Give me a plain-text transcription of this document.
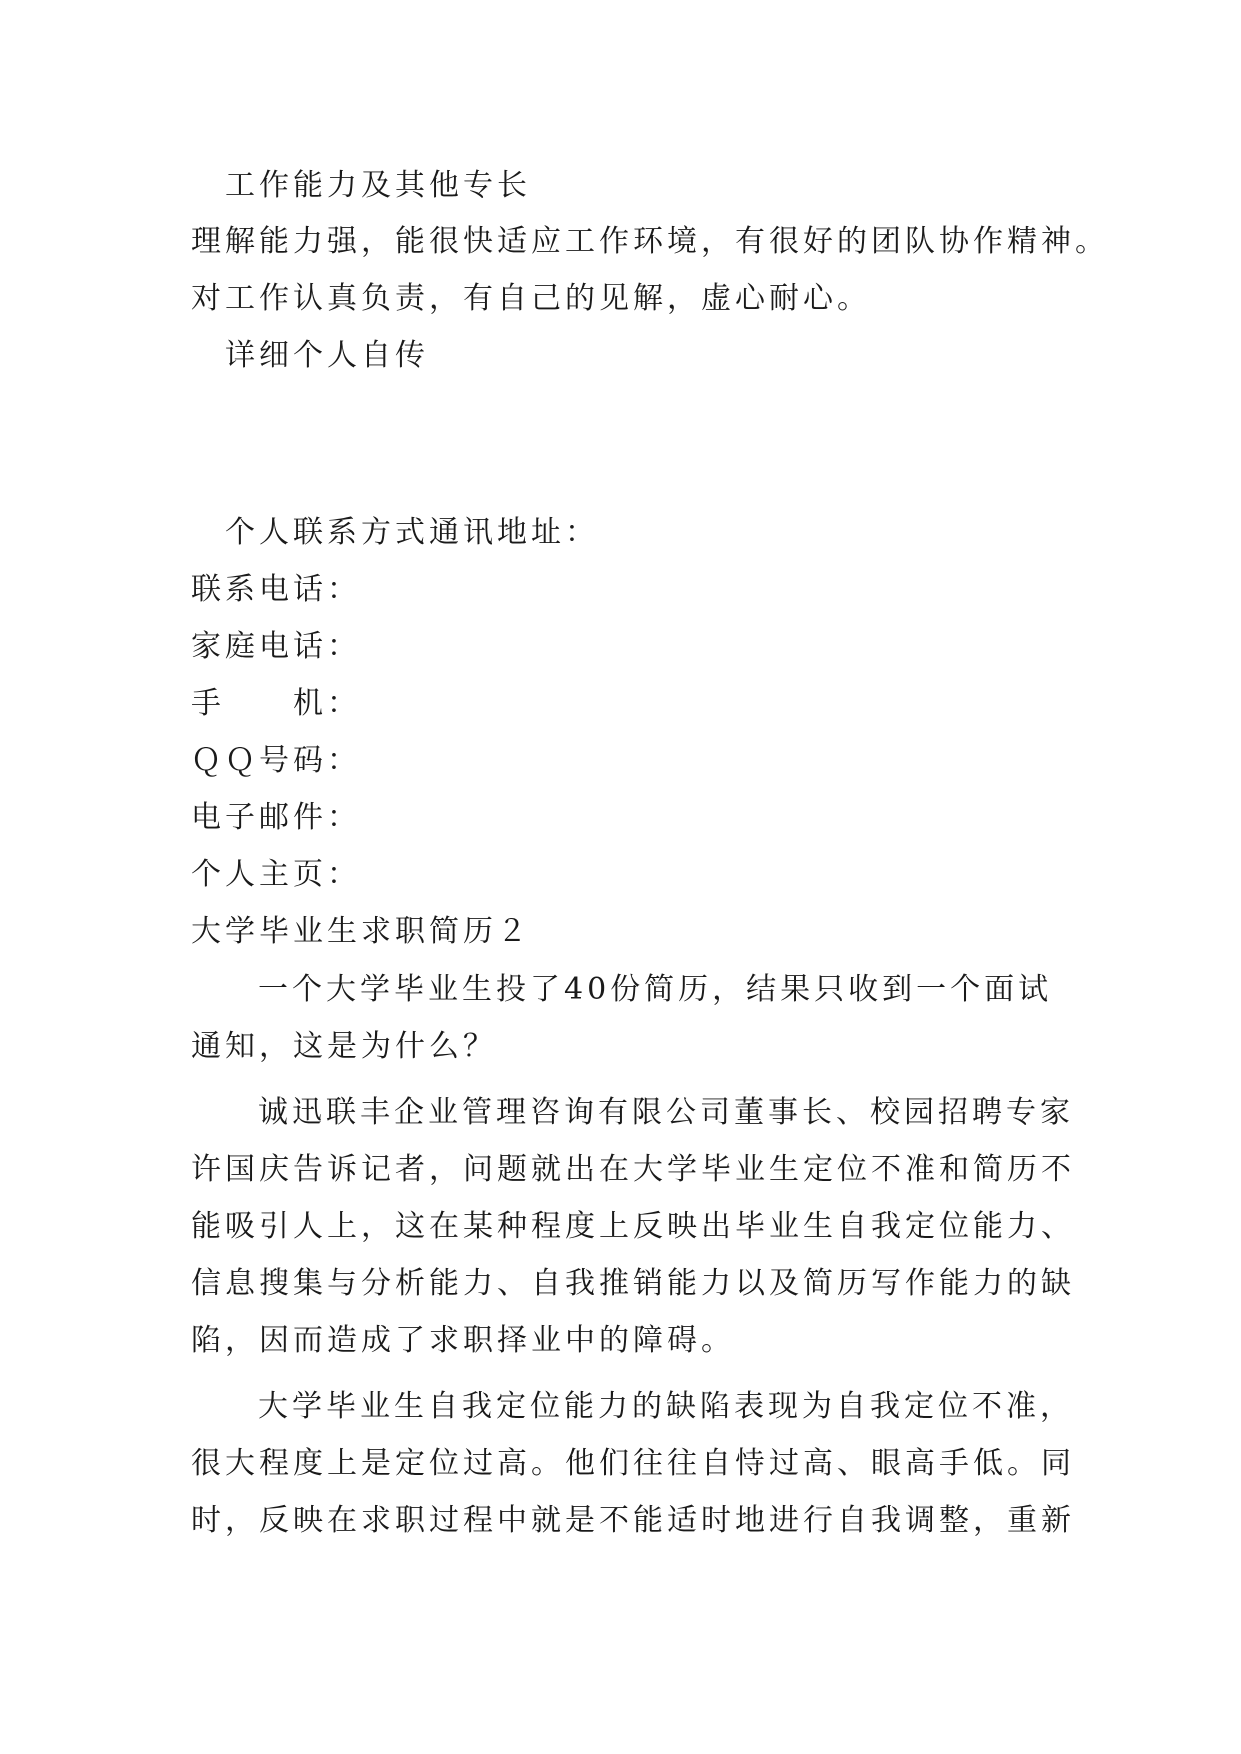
工作能力及其他专长
理解能力强，能很快适应工作环境，有很好的团队协作精神。
对工作认真负责，有自己的见解，虚心耐心。
详细个人自传
个人联系方式通讯地址：
联系电话：
家庭电话：
手　　机：
ＱＱ号码：
电子邮件：
个人主页：
大学毕业生求职简历２
一个大学毕业生投了40份简历，结果只收到一个面试
通知，这是为什么？
诚迅联丰企业管理咨询有限公司董事长、校园招聘专家
许国庆告诉记者，问题就出在大学毕业生定位不准和简历不
能吸引人上，这在某种程度上反映出毕业生自我定位能力、
信息搜集与分析能力、自我推销能力以及简历写作能力的缺
陷，因而造成了求职择业中的障碍。
大学毕业生自我定位能力的缺陷表现为自我定位不准，
很大程度上是定位过高。他们往往自恃过高、眼高手低。同
时，反映在求职过程中就是不能适时地进行自我调整，重新
